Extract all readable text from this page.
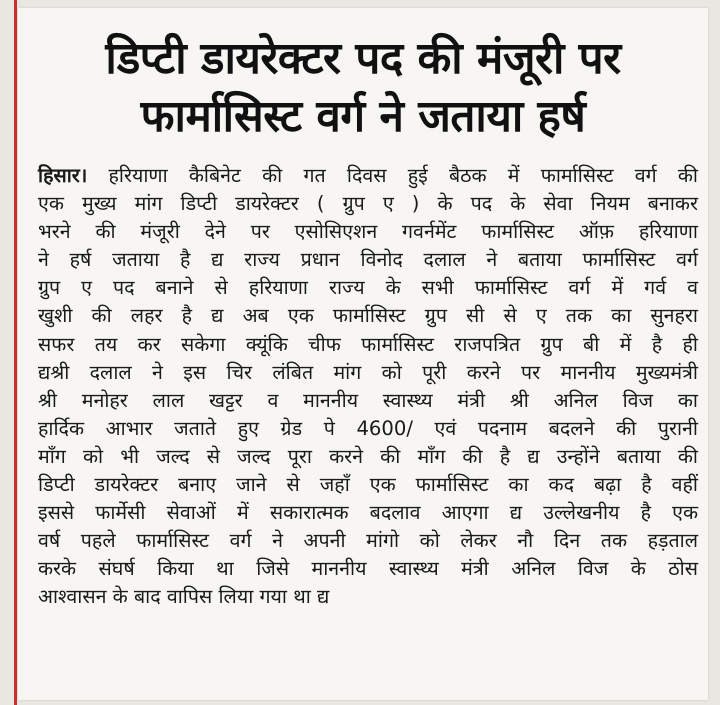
डिप्टी डायरेक्टर पद की मंजूरी पर
फार्मासिस्ट वर्ग ने जताया हर्ष
हिसार। हरियाणा कैबिनेट की गत दिवस हुई बैठक में फार्मासिस्ट वर्ग की
एक मुख्य मांग डिप्टी डायरेक्टर ( ग्रुप ए ) के पद के सेवा नियम बनाकर
भरने की मंजूरी देने पर एसोसिएशन गवर्नमेंट फार्मासिस्ट ऑफ़ हरियाणा
ने हर्ष जताया है द्य राज्य प्रधान विनोद दलाल ने बताया फार्मासिस्ट वर्ग
ग्रुप ए पद बनाने से हरियाणा राज्य के सभी फार्मासिस्ट वर्ग में गर्व व
खुशी की लहर है द्य अब एक फार्मासिस्ट ग्रुप सी से ए तक का सुनहरा
सफर तय कर सकेगा क्यूंकि चीफ फार्मासिस्ट राजपत्रित ग्रुप बी में है ही
द्यश्री दलाल ने इस चिर लंबित मांग को पूरी करने पर माननीय मुख्यमंत्री
श्री मनोहर लाल खट्टर व माननीय स्वास्थ्य मंत्री श्री अनिल विज का
हार्दिक आभार जताते हुए ग्रेड पे 4600/ एवं पदनाम बदलने की पुरानी
माँग को भी जल्द से जल्द पूरा करने की माँग की है द्य उन्होंने बताया की
डिप्टी डायरेक्टर बनाए जाने से जहाँ एक फार्मासिस्ट का कद बढ़ा है वहीं
इससे फार्मेसी सेवाओं में सकारात्मक बदलाव आएगा द्य उल्लेखनीय है एक
वर्ष पहले फार्मासिस्ट वर्ग ने अपनी मांगो को लेकर नौ दिन तक हड़ताल
करके संघर्ष किया था जिसे माननीय स्वास्थ्य मंत्री अनिल विज के ठोस
आश्वासन के बाद वापिस लिया गया था द्य
